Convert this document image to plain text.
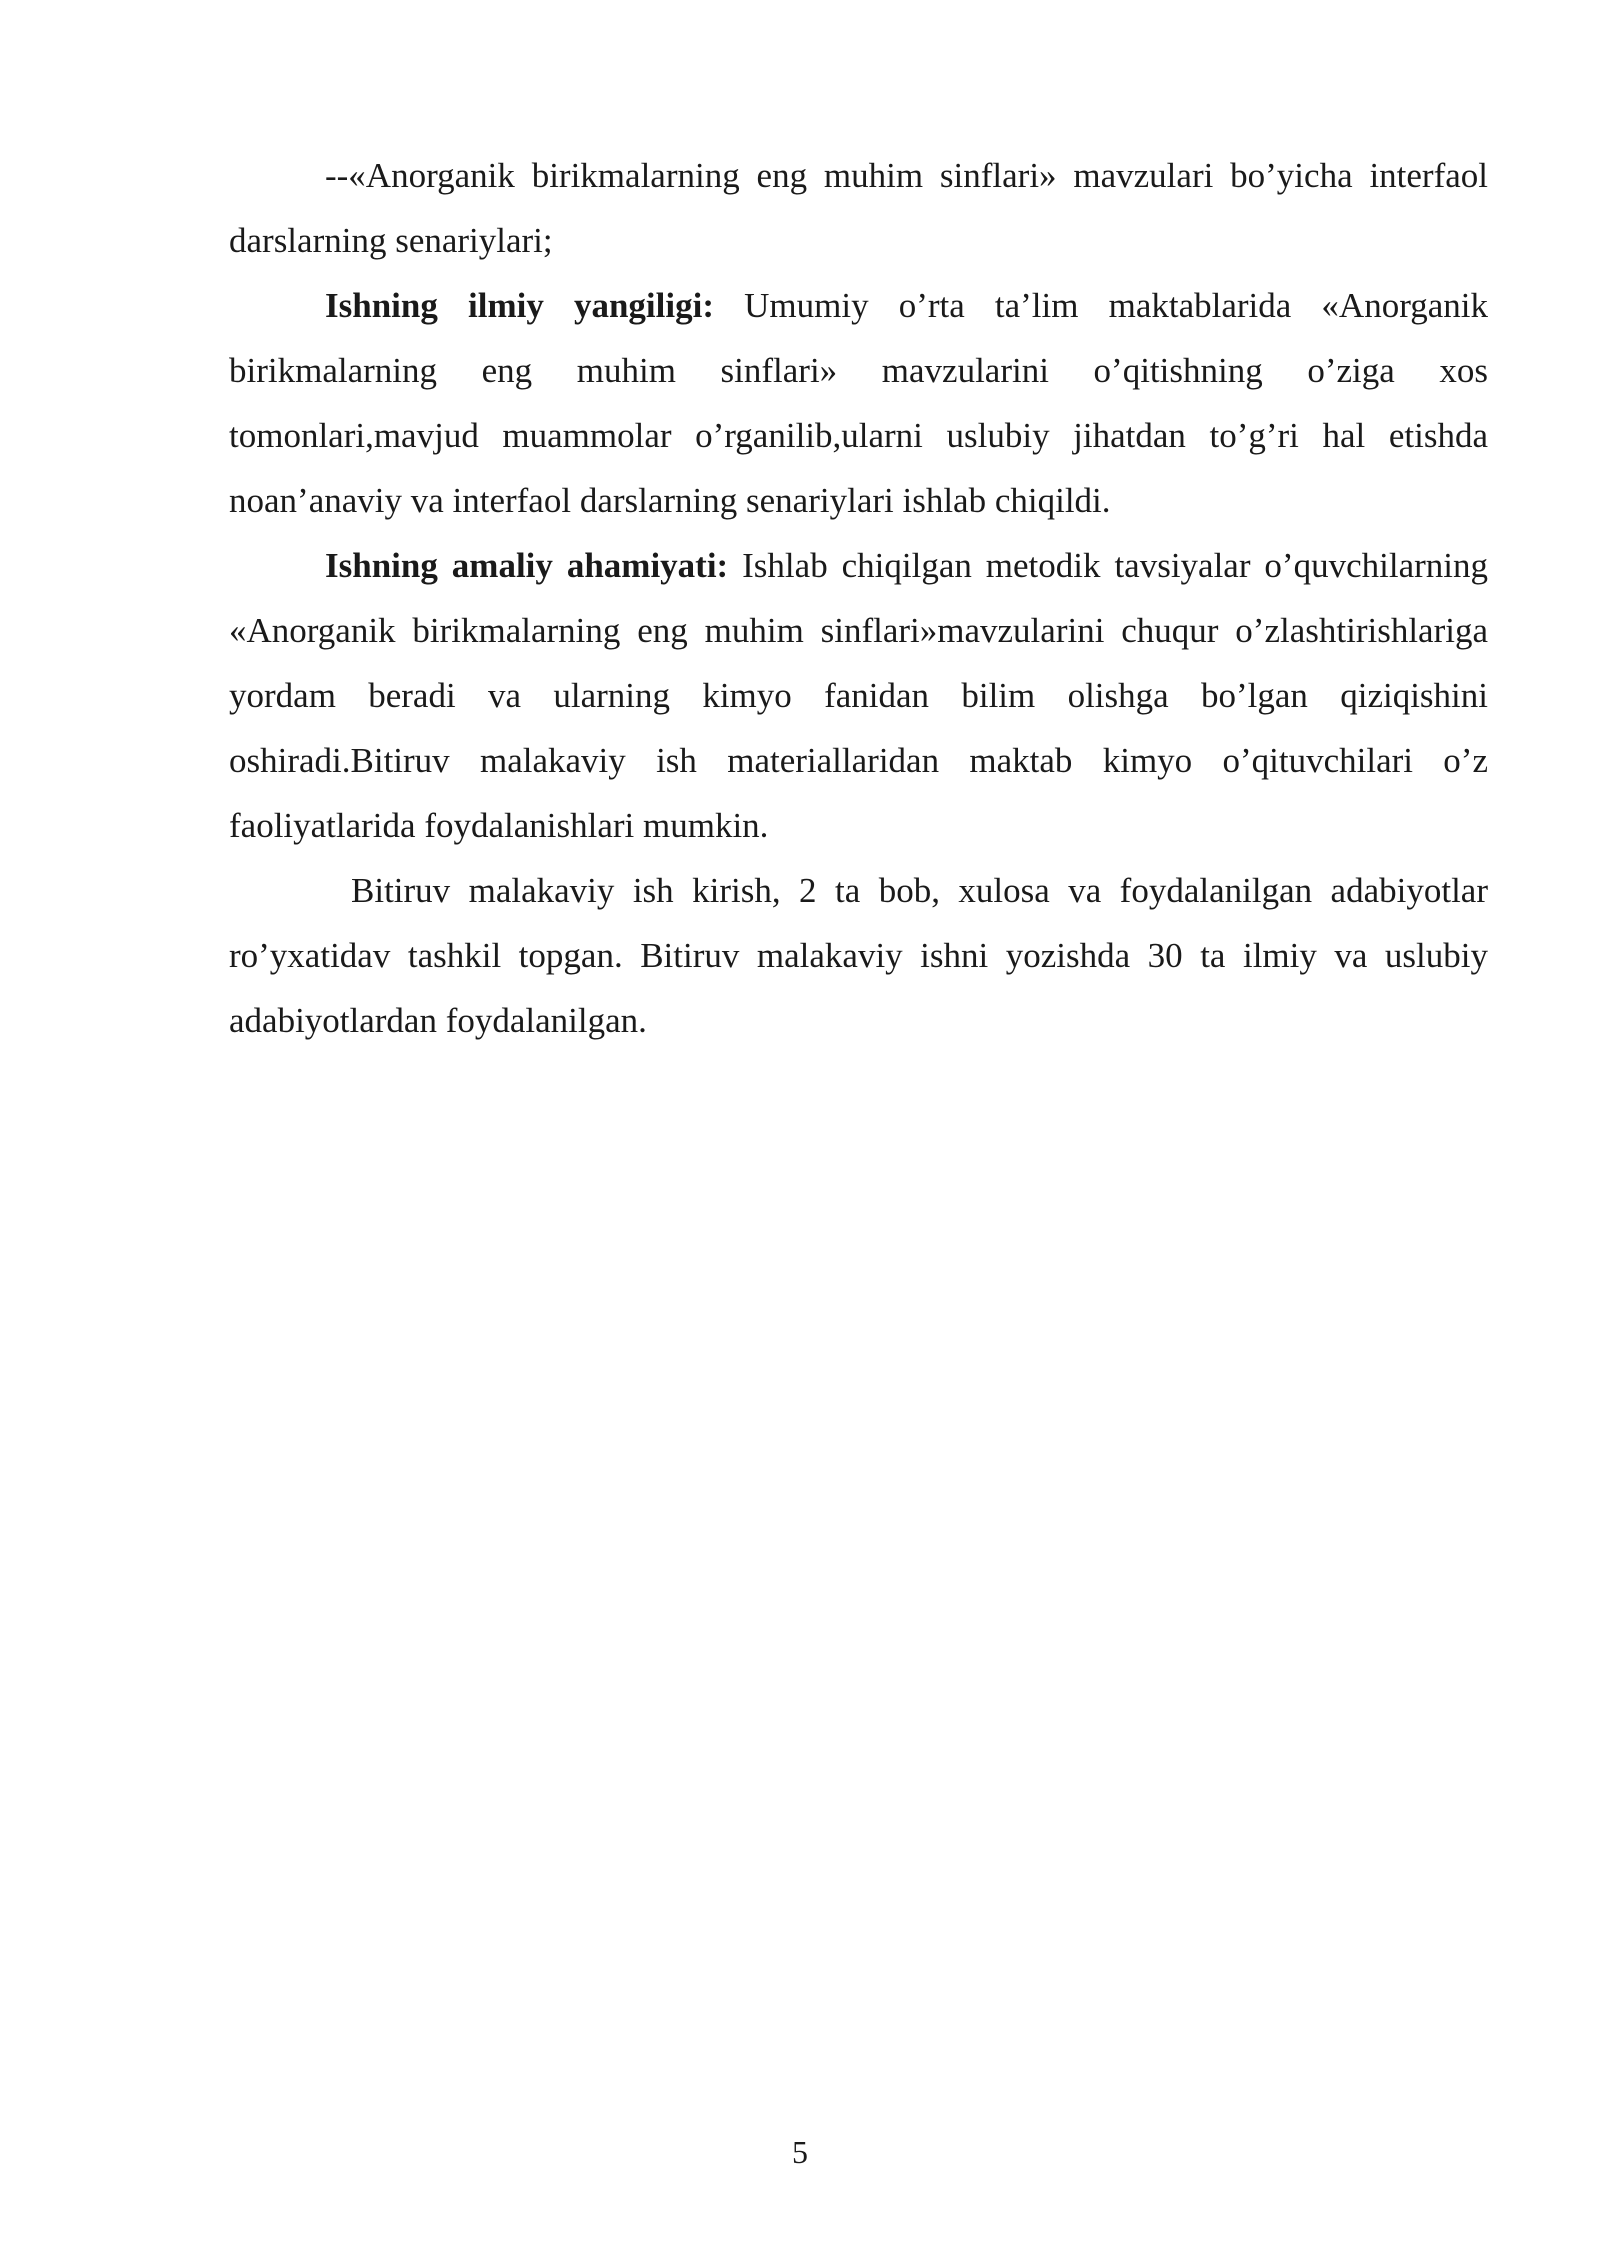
--«Anorganik birikmalarning eng muhim sinflari» mavzulari bo’yicha interfaol darslarning senariylari;

Ishning ilmiy yangiligi: Umumiy o’rta ta’lim maktablarida «Anorganik birikmalarning eng muhim sinflari» mavzularini o’qitishning o’ziga xos tomonlari,mavjud muammolar o’rganilib,ularni uslubiy jihatdan to’g’ri hal etishda noan’anaviy va interfaol darslarning senariylari ishlab chiqildi.

Ishning amaliy ahamiyati: Ishlab chiqilgan metodik tavsiyalar o’quvchilarning «Anorganik birikmalarning eng muhim sinflari»mavzularini chuqur o’zlashtirishlariga yordam beradi va ularning kimyo fanidan bilim olishga bo’lgan qiziqishini oshiradi.Bitiruv malakaviy ish materiallaridan maktab kimyo o’qituvchilari o’z faoliyatlarida foydalanishlari mumkin.

Bitiruv malakaviy ish kirish, 2 ta bob, xulosa va foydalanilgan adabiyotlar ro’yxatidav tashkil topgan. Bitiruv malakaviy ishni yozishda 30 ta ilmiy va uslubiy adabiyotlardan foydalanilgan.

5
